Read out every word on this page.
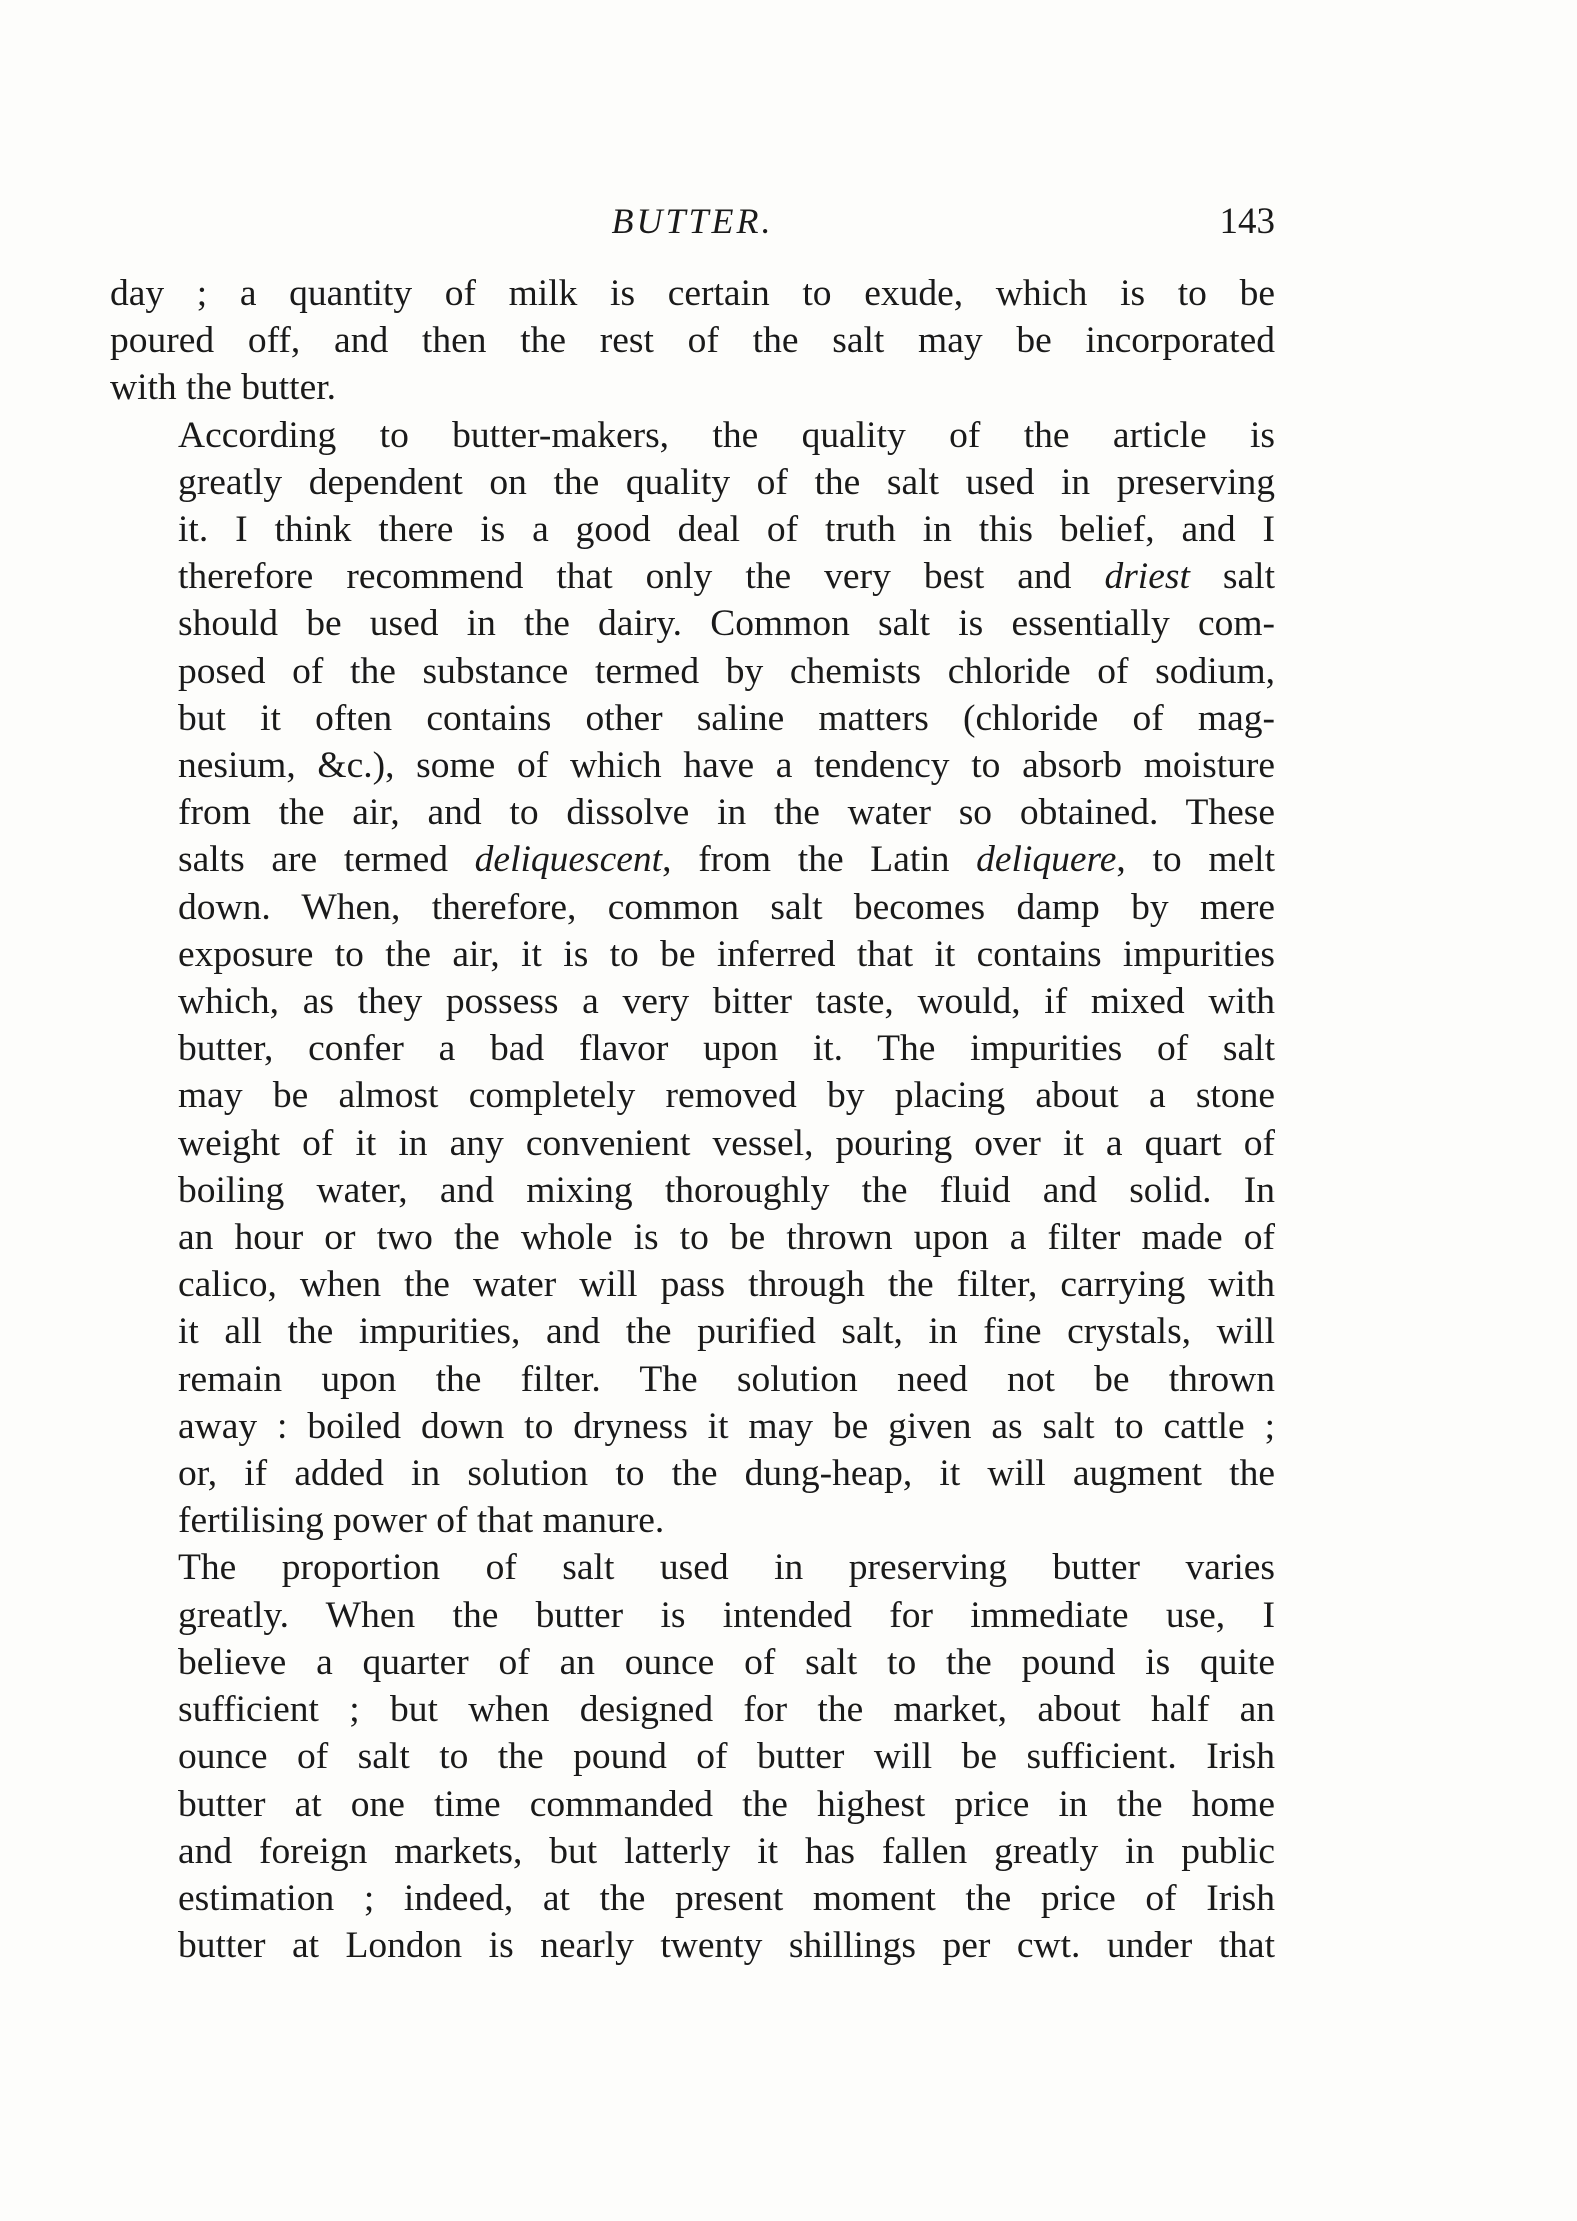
BUTTER.	143

day ; a quantity of milk is certain to exude, which is to be
poured off, and then the rest of the salt may be incorporated
with the butter.

According to butter-makers, the quality of the article is
greatly dependent on the quality of the salt used in preserving
it. I think there is a good deal of truth in this belief, and I
therefore recommend that only the very best and driest salt
should be used in the dairy. Common salt is essentially com-
posed of the substance termed by chemists chloride of sodium,
but it often contains other saline matters (chloride of mag-
nesium, &c.), some of which have a tendency to absorb moisture
from the air, and to dissolve in the water so obtained. These
salts are termed deliquescent, from the Latin deliquere, to melt
down. When, therefore, common salt becomes damp by mere
exposure to the air, it is to be inferred that it contains impurities
which, as they possess a very bitter taste, would, if mixed with
butter, confer a bad flavor upon it. The impurities of salt
may be almost completely removed by placing about a stone
weight of it in any convenient vessel, pouring over it a quart of
boiling water, and mixing thoroughly the fluid and solid. In
an hour or two the whole is to be thrown upon a filter made of
calico, when the water will pass through the filter, carrying with
it all the impurities, and the purified salt, in fine crystals, will
remain upon the filter. The solution need not be thrown
away : boiled down to dryness it may be given as salt to cattle ;
or, if added in solution to the dung-heap, it will augment the
fertilising power of that manure.

The proportion of salt used in preserving butter varies
greatly. When the butter is intended for immediate use, I
believe a quarter of an ounce of salt to the pound is quite
sufficient ; but when designed for the market, about half an
ounce of salt to the pound of butter will be sufficient. Irish
butter at one time commanded the highest price in the home
and foreign markets, but latterly it has fallen greatly in public
estimation ; indeed, at the present moment the price of Irish
butter at London is nearly twenty shillings per cwt. under that
